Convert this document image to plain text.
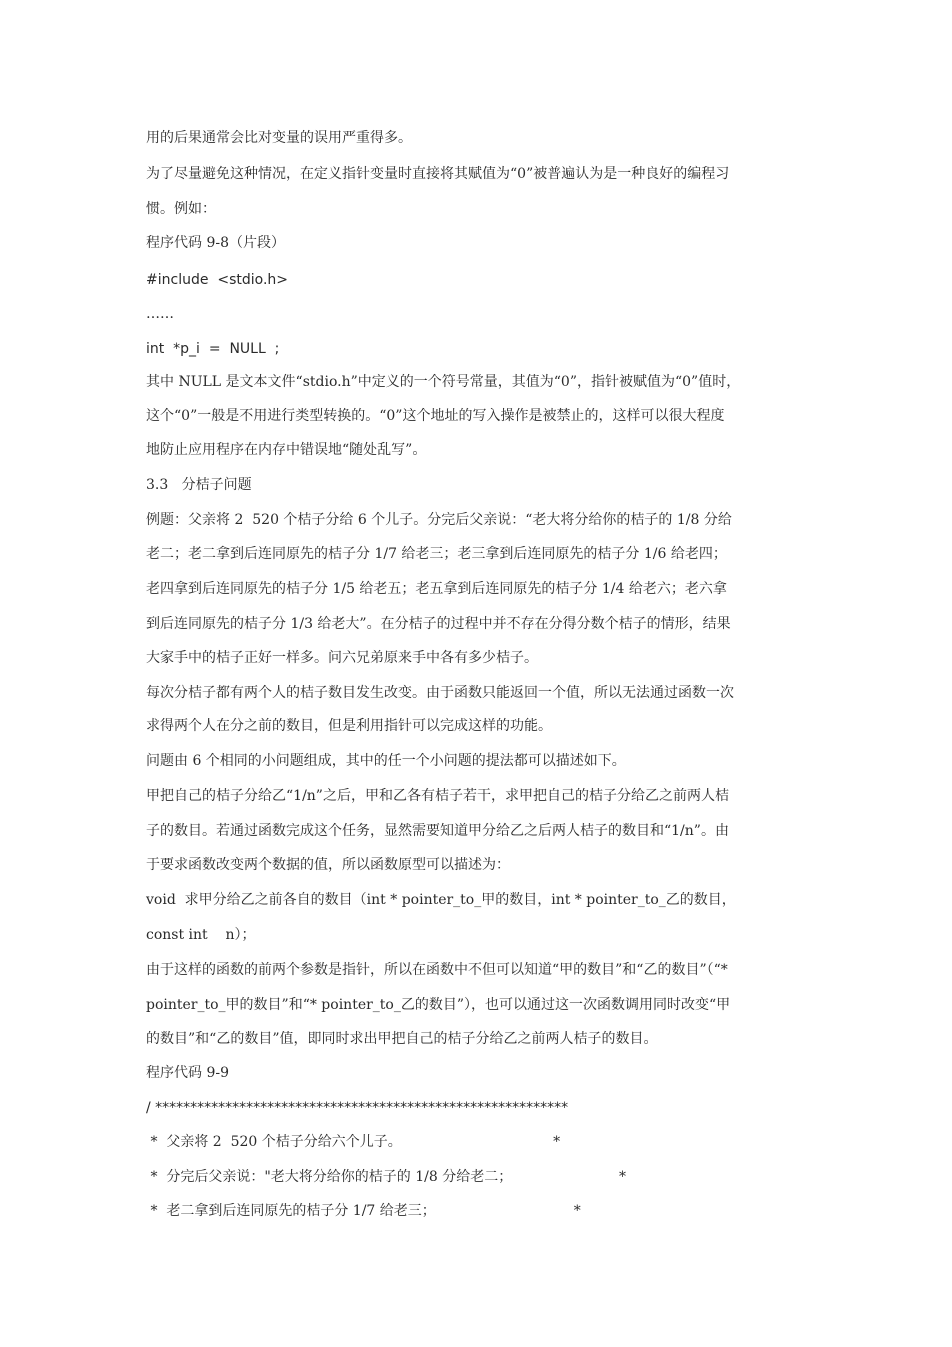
用的后果通常会比对变量的误用严重得多。
为了尽量避免这种情况，在定义指针变量时直接将其赋值为“0”被普遍认为是一种良好的编程习
惯。例如：
程序代码 9-8（片段）
#include  <stdio.h>
……
int  *p_i  =  NULL  ;
其中 NULL 是文本文件“stdio.h”中定义的一个符号常量，其值为“0”，指针被赋值为“0”值时，
这个“0”一般是不用进行类型转换的。“0”这个地址的写入操作是被禁止的，这样可以很大程度
地防止应用程序在内存中错误地“随处乱写”。
3.3   分桔子问题
例题：父亲将 2  520 个桔子分给 6 个儿子。分完后父亲说：“老大将分给你的桔子的 1/8 分给
老二；老二拿到后连同原先的桔子分 1/7 给老三；老三拿到后连同原先的桔子分 1/6 给老四；
老四拿到后连同原先的桔子分 1/5 给老五；老五拿到后连同原先的桔子分 1/4 给老六；老六拿
到后连同原先的桔子分 1/3 给老大”。在分桔子的过程中并不存在分得分数个桔子的情形，结果
大家手中的桔子正好一样多。问六兄弟原来手中各有多少桔子。
每次分桔子都有两个人的桔子数目发生改变。由于函数只能返回一个值，所以无法通过函数一次
求得两个人在分之前的数目，但是利用指针可以完成这样的功能。
问题由 6 个相同的小问题组成，其中的任一个小问题的提法都可以描述如下。
甲把自己的桔子分给乙“1/n”之后，甲和乙各有桔子若干，求甲把自己的桔子分给乙之前两人桔
子的数目。若通过函数完成这个任务，显然需要知道甲分给乙之后两人桔子的数目和“1/n”。由
于要求函数改变两个数据的值，所以函数原型可以描述为：
void  求甲分给乙之前各自的数目（int * pointer_to_甲的数目，int * pointer_to_乙的数目，
const int    n）；
由于这样的函数的前两个参数是指针，所以在函数中不但可以知道“甲的数目”和“乙的数目”（“*
pointer_to_甲的数目”和“* pointer_to_乙的数目”），也可以通过这一次函数调用同时改变“甲
的数目”和“乙的数目”值，即同时求出甲把自己的桔子分给乙之前两人桔子的数目。
程序代码 9-9
/ ***********************************************************
*  父亲将 2  520 个桔子分给六个儿子。                                  *
*  分完后父亲说："老大将分给你的桔子的 1/8 分给老二；                        *
*  老二拿到后连同原先的桔子分 1/7 给老三；                               *
